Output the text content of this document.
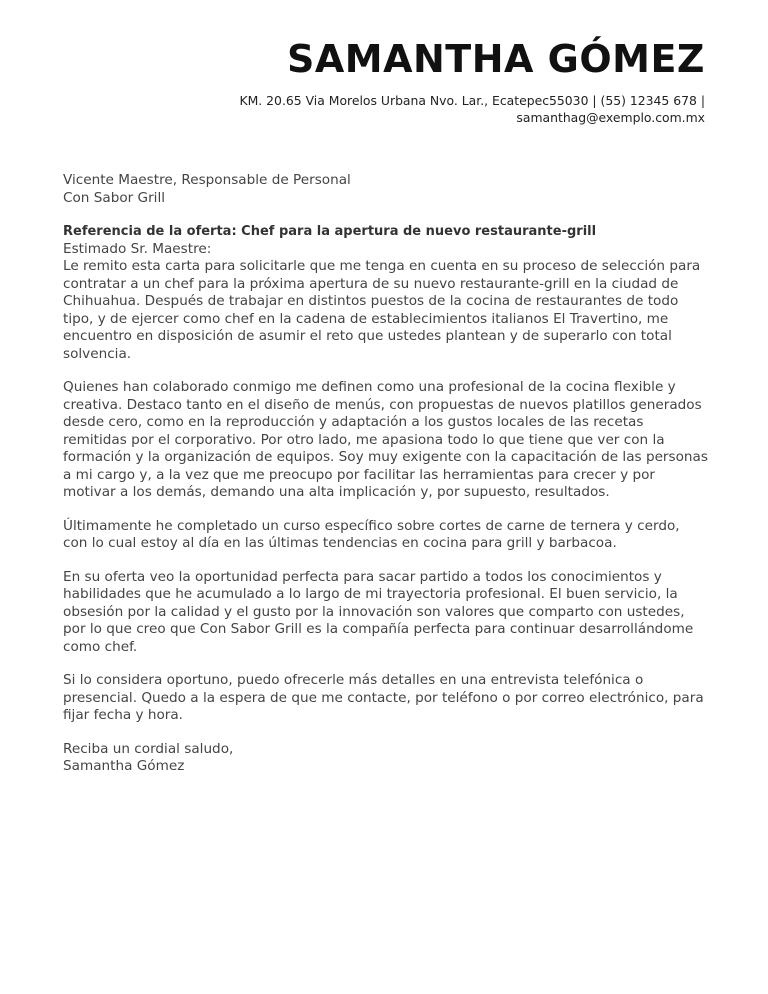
SAMANTHA GÓMEZ
KM. 20.65 Via Morelos Urbana Nvo. Lar., Ecatepec55030 | (55) 12345 678 |
samanthag@exemplo.com.mx
Vicente Maestre, Responsable de Personal
Con Sabor Grill

Referencia de la oferta: Chef para la apertura de nuevo restaurante-grill

Estimado Sr. Maestre:

Le remito esta carta para solicitarle que me tenga en cuenta en su proceso de selección para contratar a un chef para la próxima apertura de su nuevo restaurante-grill en la ciudad de Chihuahua. Después de trabajar en distintos puestos de la cocina de restaurantes de todo tipo, y de ejercer como chef en la cadena de establecimientos italianos El Travertino, me encuentro en disposición de asumir el reto que ustedes plantean y de superarlo con total solvencia.

Quienes han colaborado conmigo me definen como una profesional de la cocina flexible y creativa. Destaco tanto en el diseño de menús, con propuestas de nuevos platillos generados desde cero, como en la reproducción y adaptación a los gustos locales de las recetas remitidas por el corporativo. Por otro lado, me apasiona todo lo que tiene que ver con la formación y la organización de equipos. Soy muy exigente con la capacitación de las personas a mi cargo y, a la vez que me preocupo por facilitar las herramientas para crecer y por motivar a los demás, demando una alta implicación y, por supuesto, resultados.

Últimamente he completado un curso específico sobre cortes de carne de ternera y cerdo, con lo cual estoy al día en las últimas tendencias en cocina para grill y barbacoa.

En su oferta veo la oportunidad perfecta para sacar partido a todos los conocimientos y habilidades que he acumulado a lo largo de mi trayectoria profesional. El buen servicio, la obsesión por la calidad y el gusto por la innovación son valores que comparto con ustedes, por lo que creo que Con Sabor Grill es la compañía perfecta para continuar desarrollándome como chef.

Si lo considera oportuno, puedo ofrecerle más detalles en una entrevista telefónica o presencial. Quedo a la espera de que me contacte, por teléfono o por correo electrónico, para fijar fecha y hora.

Reciba un cordial saludo,

Samantha Gómez
